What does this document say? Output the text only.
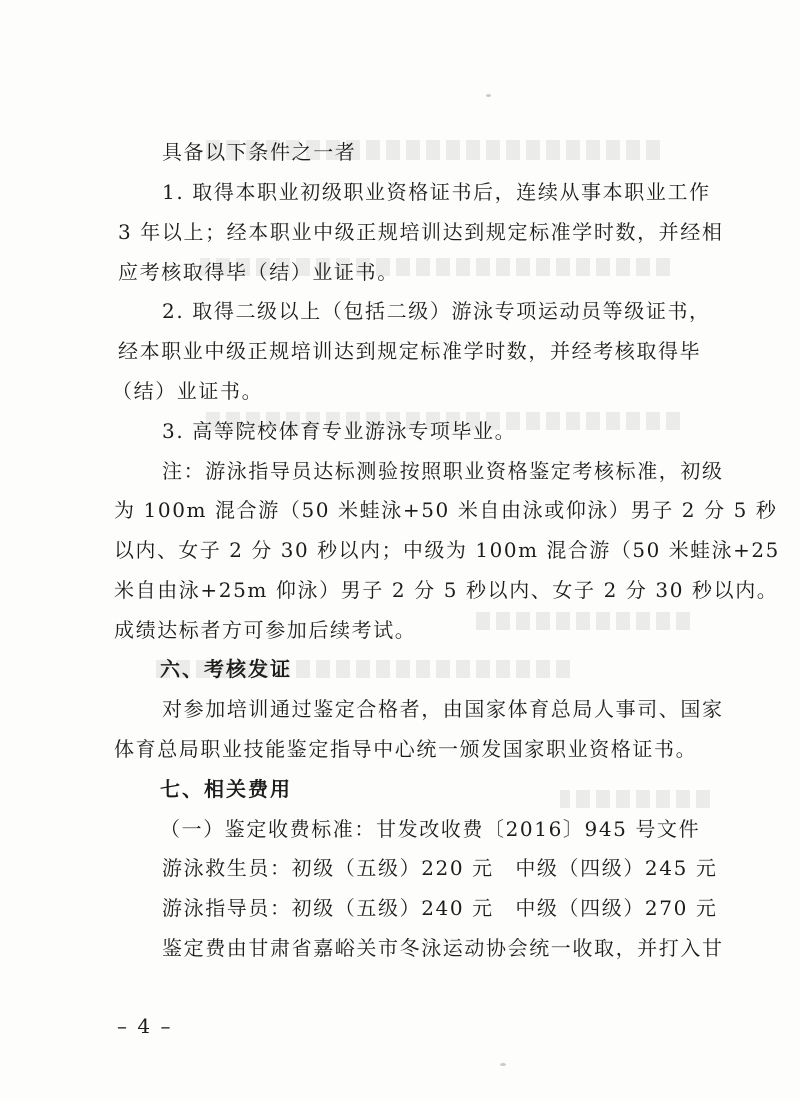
具备以下条件之一者
1. 取得本职业初级职业资格证书后，连续从事本职业工作
3 年以上；经本职业中级正规培训达到规定标准学时数，并经相
应考核取得毕（结）业证书。
2. 取得二级以上（包括二级）游泳专项运动员等级证书，
经本职业中级正规培训达到规定标准学时数，并经考核取得毕
（结）业证书。
3. 高等院校体育专业游泳专项毕业。
注：游泳指导员达标测验按照职业资格鉴定考核标准，初级
为 100m 混合游（50 米蛙泳+50 米自由泳或仰泳）男子 2 分 5 秒
以内、女子 2 分 30 秒以内；中级为 100m 混合游（50 米蛙泳+25
米自由泳+25m 仰泳）男子 2 分 5 秒以内、女子 2 分 30 秒以内。
成绩达标者方可参加后续考试。
六、考核发证
对参加培训通过鉴定合格者，由国家体育总局人事司、国家
体育总局职业技能鉴定指导中心统一颁发国家职业资格证书。
七、相关费用
（一）鉴定收费标准：甘发改收费〔2016〕945 号文件
游泳救生员：初级（五级）220 元　中级（四级）245 元
游泳指导员：初级（五级）240 元　中级（四级）270 元
鉴定费由甘肃省嘉峪关市冬泳运动协会统一收取，并打入甘
– 4 –
